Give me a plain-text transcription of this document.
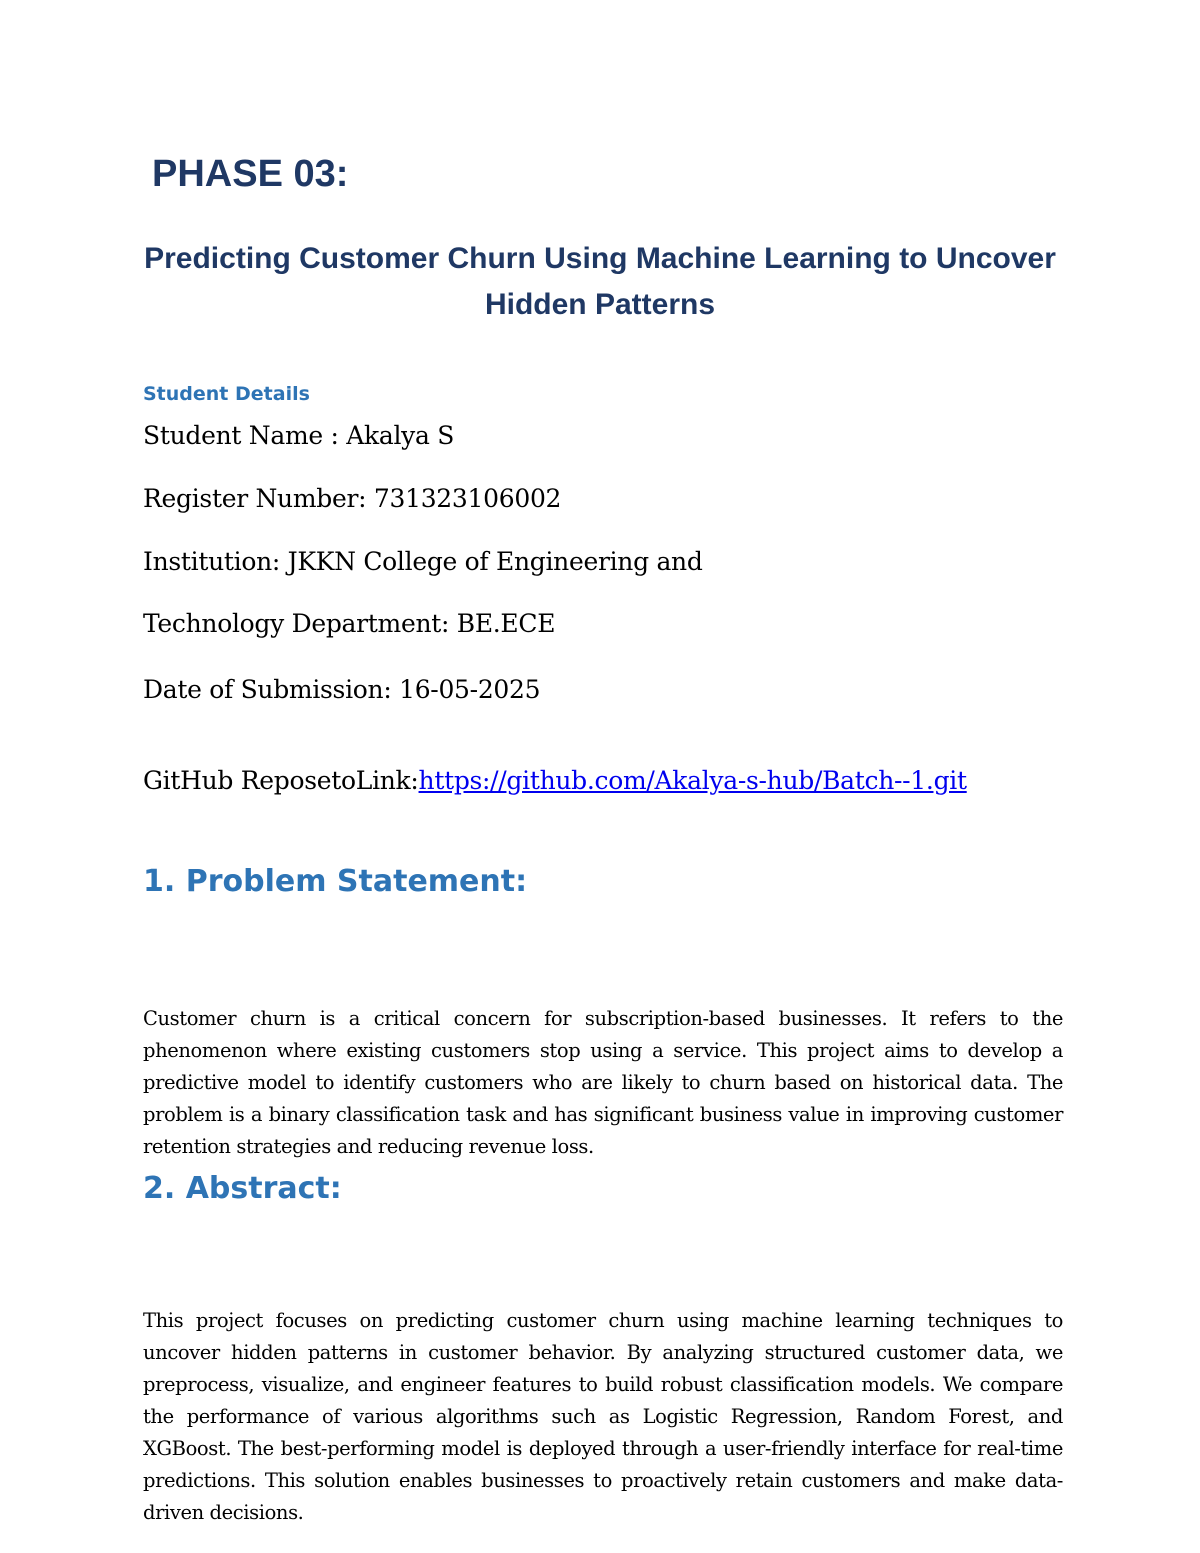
PHASE 03:
Predicting Customer Churn Using Machine Learning to Uncover Hidden Patterns
Student Details

Student Name : Akalya S

Register Number: 731323106002

Institution: JKKN College of Engineering and

Technology Department: BE.ECE

Date of Submission: 16-05-2025

GitHub ReposetoLink:https://github.com/Akalya-s-hub/Batch--1.git

1. Problem Statement:

Customer churn is a critical concern for subscription-based businesses. It refers to the phenomenon where existing customers stop using a service. This project aims to develop a predictive model to identify customers who are likely to churn based on historical data. The problem is a binary classification task and has significant business value in improving customer retention strategies and reducing revenue loss.

2. Abstract:

This project focuses on predicting customer churn using machine learning techniques to uncover hidden patterns in customer behavior. By analyzing structured customer data, we preprocess, visualize, and engineer features to build robust classification models. We compare the performance of various algorithms such as Logistic Regression, Random Forest, and XGBoost. The best-performing model is deployed through a user-friendly interface for real-time predictions. This solution enables businesses to proactively retain customers and make data-driven decisions.
